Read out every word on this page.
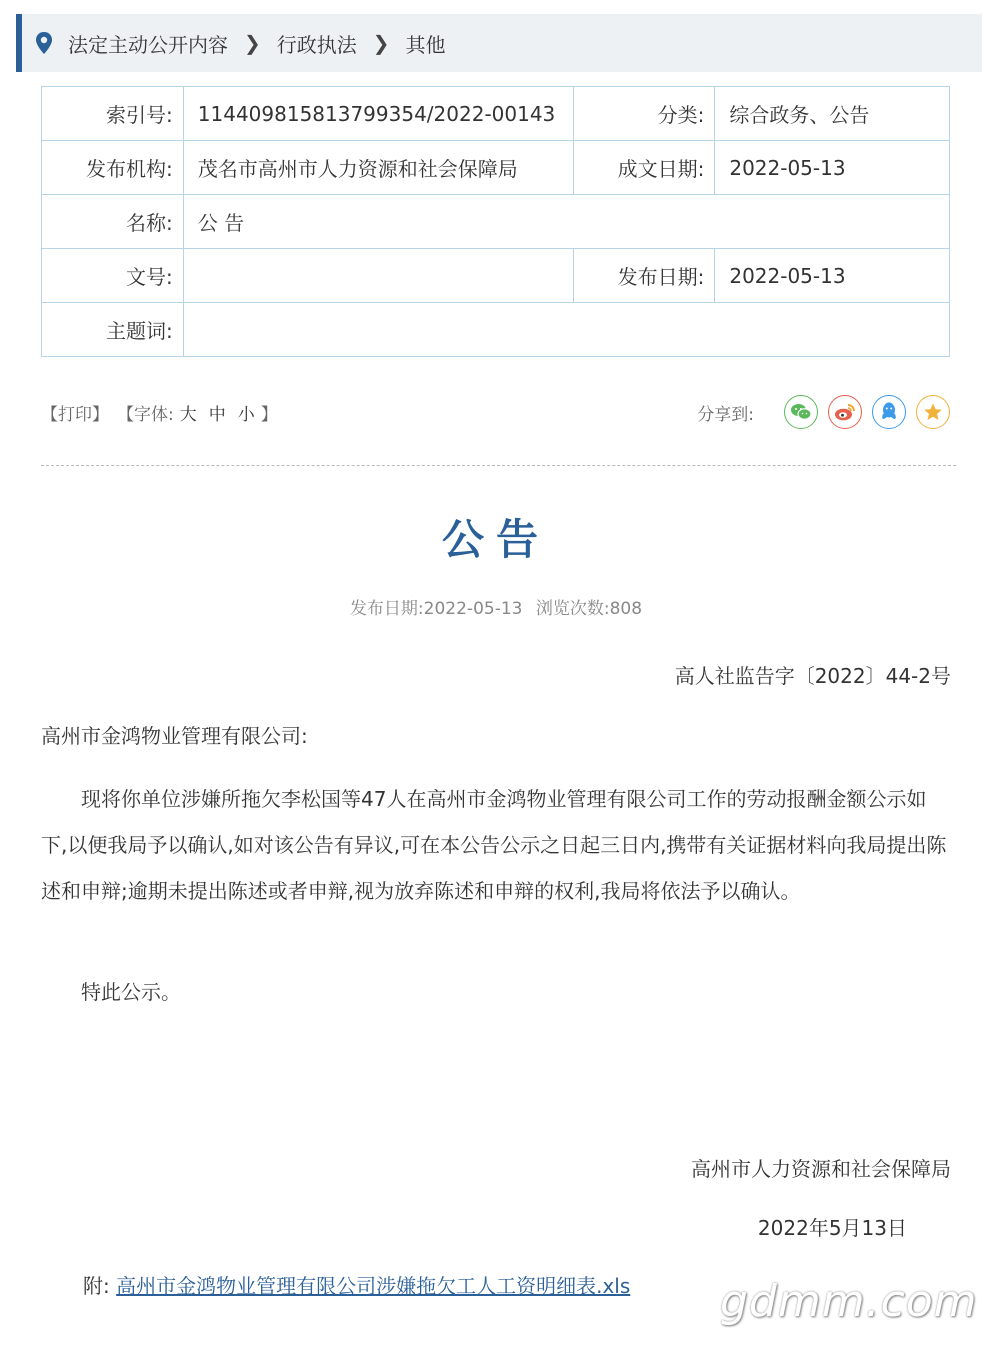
法定主动公开内容 ❯ 行政执法 ❯ 其他
索引号:	114409815813799354/2022-00143	分类:	综合政务、公告
发布机构:	茂名市高州市人力资源和社会保障局	成文日期:	2022-05-13
名称:	公 告		
文号:		发布日期:	2022-05-13
主题词:			
【打印】 【字体: 大 中 小 】	分享到:
公告
发布日期:2022-05-13 浏览次数:808
高人社监告字〔2022〕44-2号
高州市金鸿物业管理有限公司:
现将你单位涉嫌所拖欠李松国等47人在高州市金鸿物业管理有限公司工作的劳动报酬金额公示如下,以便我局予以确认,如对该公告有异议,可在本公告公示之日起三日内,携带有关证据材料向我局提出陈述和申辩;逾期未提出陈述或者申辩,视为放弃陈述和申辩的权利,我局将依法予以确认。
特此公示。
高州市人力资源和社会保障局
2022年5月13日
附: 高州市金鸿物业管理有限公司涉嫌拖欠工人工资明细表.xls	gdmm.com
